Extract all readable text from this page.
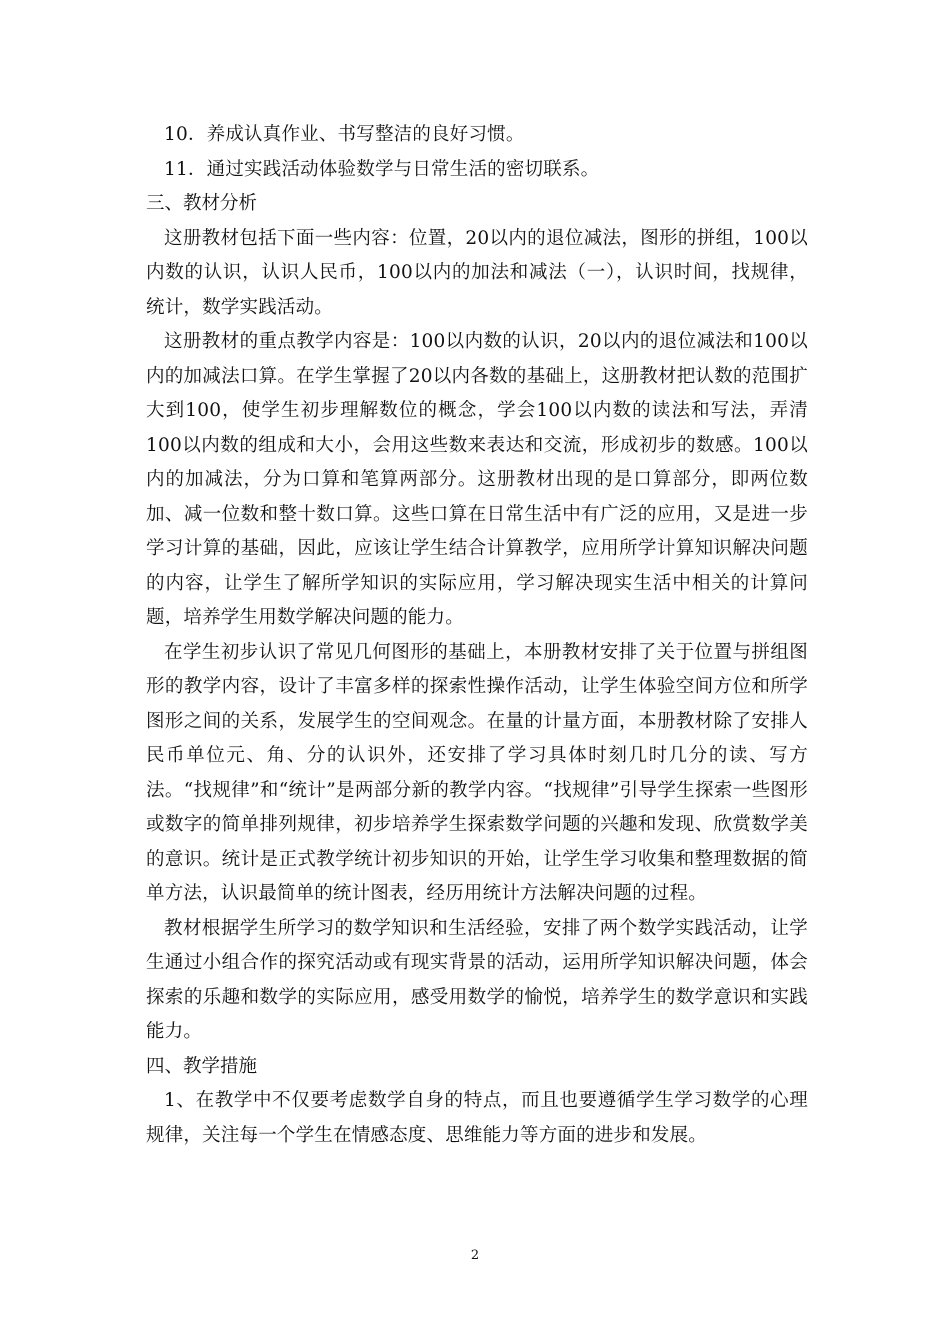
10．养成认真作业、书写整洁的良好习惯。
11．通过实践活动体验数学与日常生活的密切联系。
三、教材分析
这册教材包括下面一些内容：位置，20以内的退位减法，图形的拼组，100以内数的认识，认识人民币，100以内的加法和减法（一），认识时间，找规律，统计，数学实践活动。
这册教材的重点教学内容是：100以内数的认识，20以内的退位减法和100以内的加减法口算。在学生掌握了20以内各数的基础上，这册教材把认数的范围扩大到100，使学生初步理解数位的概念，学会100以内数的读法和写法，弄清100以内数的组成和大小，会用这些数来表达和交流，形成初步的数感。100以内的加减法，分为口算和笔算两部分。这册教材出现的是口算部分，即两位数加、减一位数和整十数口算。这些口算在日常生活中有广泛的应用，又是进一步学习计算的基础，因此，应该让学生结合计算教学，应用所学计算知识解决问题的内容，让学生了解所学知识的实际应用，学习解决现实生活中相关的计算问题，培养学生用数学解决问题的能力。
在学生初步认识了常见几何图形的基础上，本册教材安排了关于位置与拼组图形的教学内容，设计了丰富多样的探索性操作活动，让学生体验空间方位和所学图形之间的关系，发展学生的空间观念。在量的计量方面，本册教材除了安排人民币单位元、角、分的认识外，还安排了学习具体时刻几时几分的读、写方法。“找规律”和“统计”是两部分新的教学内容。“找规律”引导学生探索一些图形或数字的简单排列规律，初步培养学生探索数学问题的兴趣和发现、欣赏数学美的意识。统计是正式教学统计初步知识的开始，让学生学习收集和整理数据的简单方法，认识最简单的统计图表，经历用统计方法解决问题的过程。
教材根据学生所学习的数学知识和生活经验，安排了两个数学实践活动，让学生通过小组合作的探究活动或有现实背景的活动，运用所学知识解决问题，体会探索的乐趣和数学的实际应用，感受用数学的愉悦，培养学生的数学意识和实践能力。
四、教学措施
1、在教学中不仅要考虑数学自身的特点，而且也要遵循学生学习数学的心理规律，关注每一个学生在情感态度、思维能力等方面的进步和发展。
2
